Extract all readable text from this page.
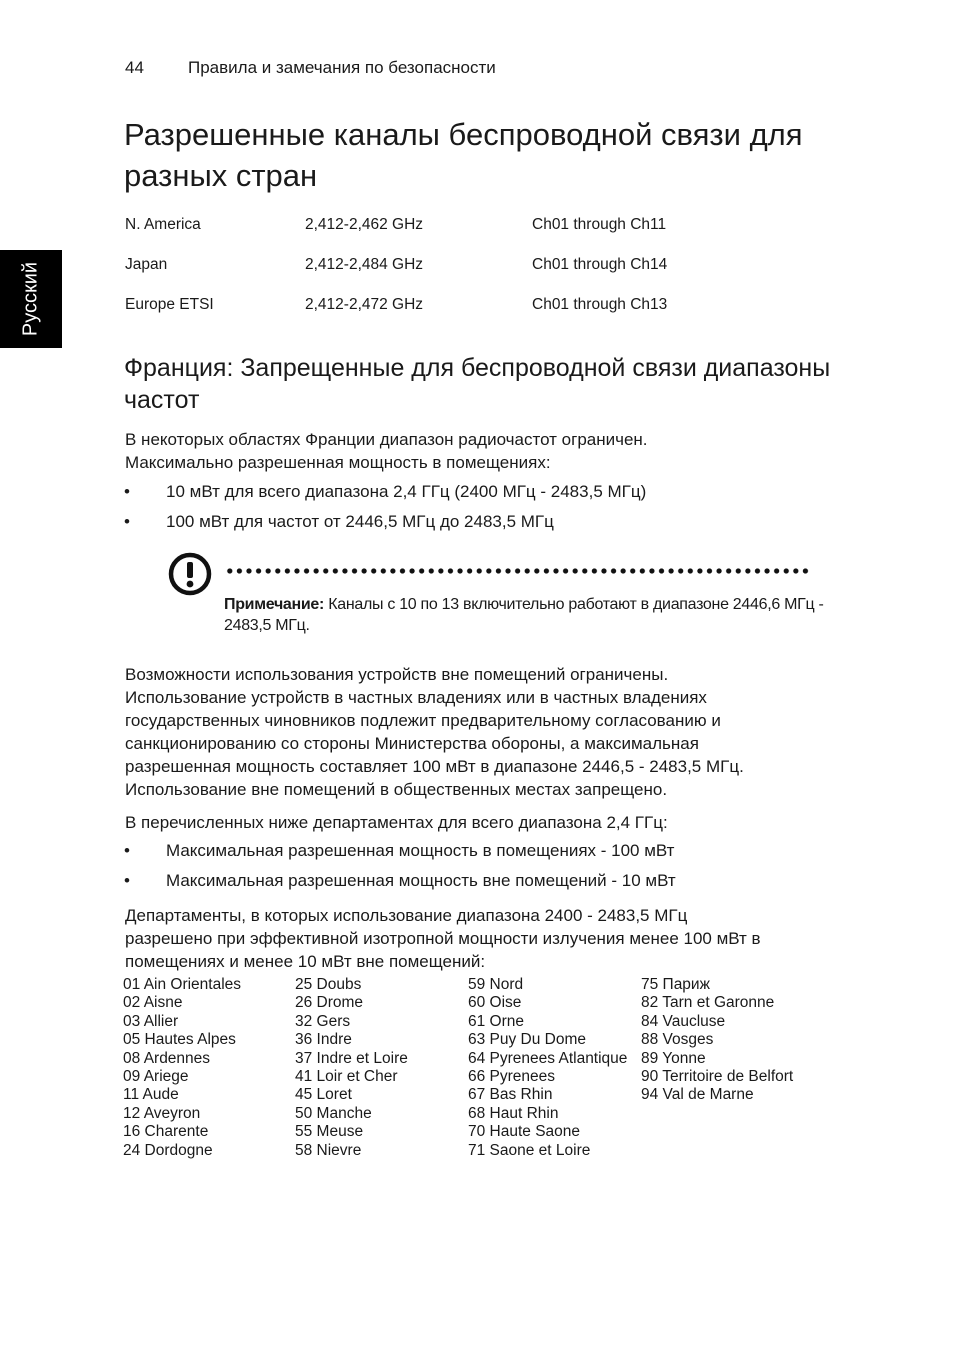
44	Правила и замечания по безопасности
Русский
Разрешенные каналы беспроводной связи для разных стран
N. America	2,412-2,462 GHz	Ch01 through Ch11
Japan	2,412-2,484 GHz	Ch01 through Ch14
Europe ETSI	2,412-2,472 GHz	Ch01 through Ch13
Франция: Запрещенные для беспроводной связи диапазоны частот
В некоторых областях Франции диапазон радиочастот ограничен.
Максимально разрешенная мощность в помещениях:
• 10 мВт для всего диапазона 2,4 ГГц (2400 МГц - 2483,5 МГц)
• 100 мВт для частот от 2446,5 МГц до 2483,5 МГц
Примечание: Каналы с 10 по 13 включительно работают в диапазоне 2446,6 МГц - 2483,5 МГц.
Возможности использования устройств вне помещений ограничены.
Использование устройств в частных владениях или в частных владениях
государственных чиновников подлежит предварительному согласованию и
санкционированию со стороны Министерства обороны, а максимальная
разрешенная мощность составляет 100 мВт в диапазоне 2446,5 - 2483,5 МГц.
Использование вне помещений в общественных местах запрещено.
В перечисленных ниже департаментах для всего диапазона 2,4 ГГц:
• Максимальная разрешенная мощность в помещениях - 100 мВт
• Максимальная разрешенная мощность вне помещений - 10 мВт
Департаменты, в которых использование диапазона 2400 - 2483,5 МГц
разрешено при эффективной изотропной мощности излучения менее 100 мВт в
помещениях и менее 10 мВт вне помещений:
01 Ain Orientales
02 Aisne
03 Allier
05 Hautes Alpes
08 Ardennes
09 Ariege
11 Aude
12 Aveyron
16 Charente
24 Dordogne
25 Doubs
26 Drome
32 Gers
36 Indre
37 Indre et Loire
41 Loir et Cher
45 Loret
50 Manche
55 Meuse
58 Nievre
59 Nord
60 Oise
61 Orne
63 Puy Du Dome
64 Pyrenees Atlantique
66 Pyrenees
67 Bas Rhin
68 Haut Rhin
70 Haute Saone
71 Saone et Loire
75 Париж
82 Tarn et Garonne
84 Vaucluse
88 Vosges
89 Yonne
90 Territoire de Belfort
94 Val de Marne
